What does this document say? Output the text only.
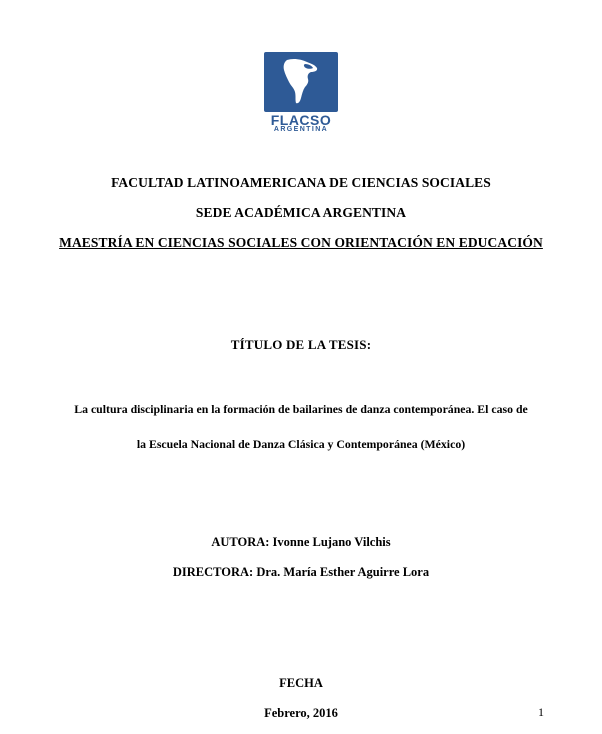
FLACSO
ARGENTINA
FACULTAD LATINOAMERICANA DE CIENCIAS SOCIALES
SEDE ACADÉMICA ARGENTINA
MAESTRÍA EN CIENCIAS SOCIALES CON ORIENTACIÓN EN EDUCACIÓN
TÍTULO DE LA TESIS:
La cultura disciplinaria en la formación de bailarines de danza contemporánea. El caso de
la Escuela Nacional de Danza Clásica y Contemporánea (México)
AUTORA: Ivonne Lujano Vilchis
DIRECTORA: Dra. María Esther Aguirre Lora
FECHA
Febrero, 2016	1
